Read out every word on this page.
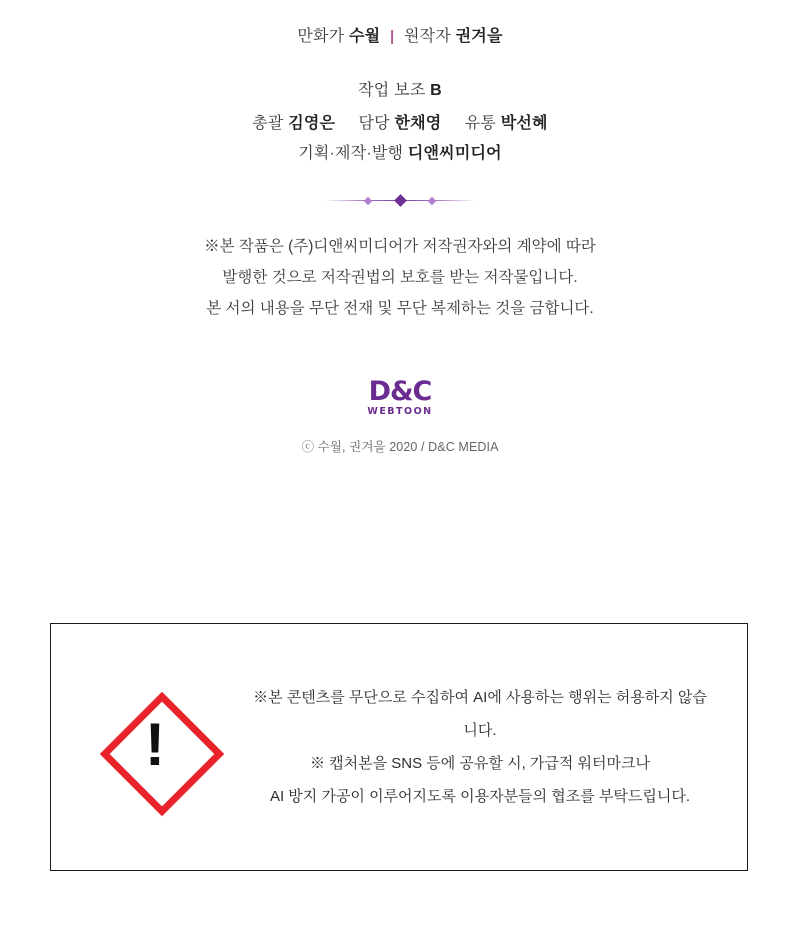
만화가 수월 | 원작자 권겨을
작업 보조 B
총괄 김영은 담당 한채영 유통 박선혜
기획·제작·발행 디앤씨미디어

※본 작품은 (주)디앤씨미디어가 저작권자와의 계약에 따라

발행한 것으로 저작권법의 보호를 받는 저작물입니다.

본 서의 내용을 무단 전재 및 무단 복제하는 것을 금합니다.

D&C
WEBTOON
ⓒ 수월, 권겨을 2020 / D&C MEDIA
!

※본 콘텐츠를 무단으로 수집하여 AI에 사용하는 행위는 허용하지 않습니다.

※ 캡처본을 SNS 등에 공유할 시, 가급적 워터마크나

AI 방지 가공이 이루어지도록 이용자분들의 협조를 부탁드립니다.
